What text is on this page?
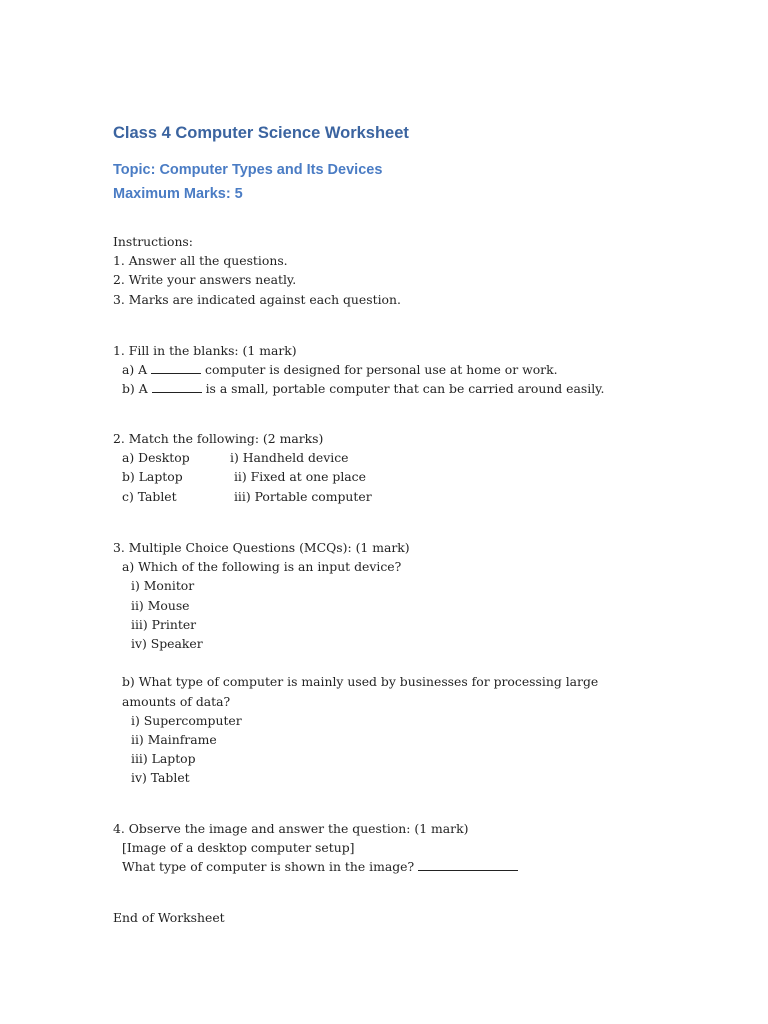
Class 4 Computer Science Worksheet

Topic: Computer Types and Its Devices

Maximum Marks: 5

Instructions:

1. Answer all the questions.

2. Write your answers neatly.

3. Marks are indicated against each question.

1. Fill in the blanks: (1 mark)

a) A	computer is designed for personal use at home or work.

b) A	is a small, portable computer that can be carried around easily.

2. Match the following: (2 marks)

a) Desktop	i) Handheld device
b) Laptop	ii) Fixed at one place
c) Tablet	iii) Portable computer

3. Multiple Choice Questions (MCQs): (1 mark)

a) Which of the following is an input device?

i) Monitor

ii) Mouse

iii) Printer

iv) Speaker

b) What type of computer is mainly used by businesses for processing large amounts of data?

i) Supercomputer

ii) Mainframe

iii) Laptop

iv) Tablet

4. Observe the image and answer the question: (1 mark)

[Image of a desktop computer setup]

What type of computer is shown in the image?

End of Worksheet
